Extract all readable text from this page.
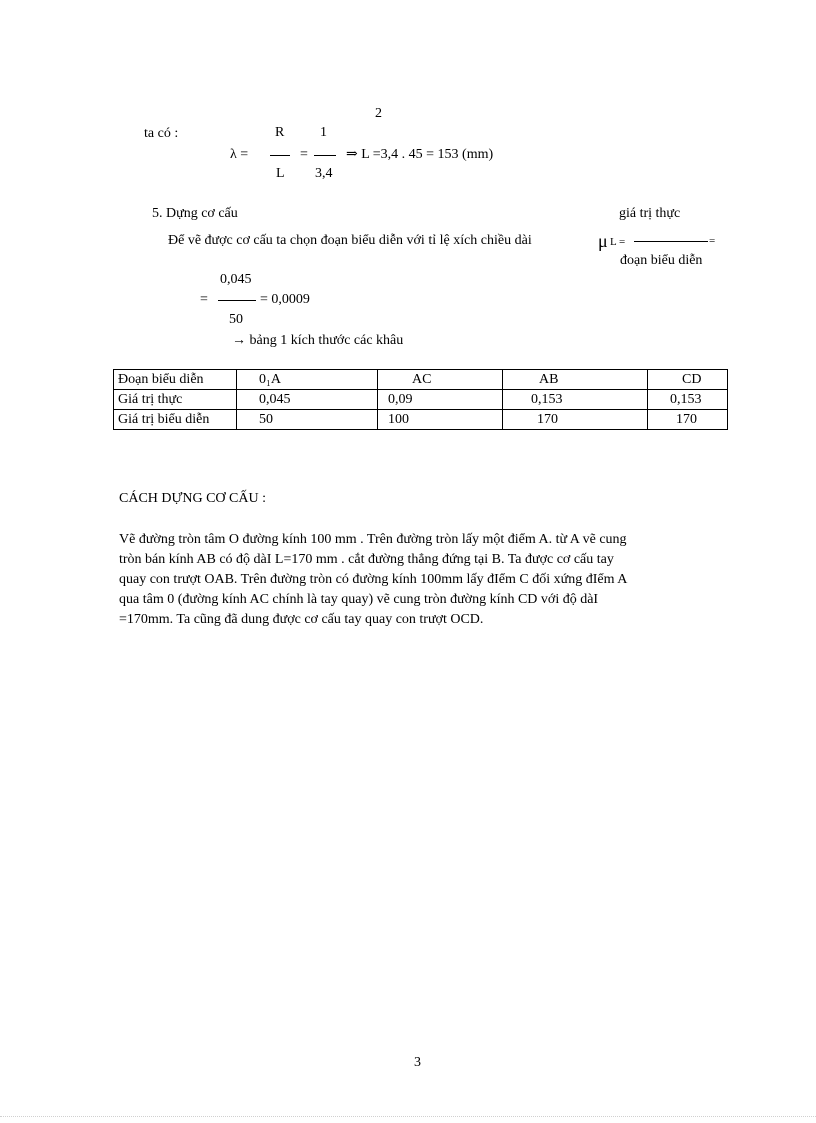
2
ta có :	R	1
λ =	=	⇒ L =3,4 . 45 = 153 (mm)
L 3,4
5. Dựng cơ cấu	giá trị thực
Để vẽ được cơ cấu ta chọn đoạn biểu diễn với tỉ lệ xích chiều dài	μ L =	=
đoạn biểu diễn
0,045
=	= 0,0009
50
→ bảng 1 kích thước các khâu
Đoạn biểu diễn	0₁A	AC	AB	CD
Giá trị thực	0,045	0,09	0,153	0,153
Giá trị biểu diễn	50	100	170	170
CÁCH DỰNG CƠ CẤU :

Vẽ đường tròn tâm O đường kính 100 mm . Trên đường tròn lấy một điểm A. từ A vẽ cung

tròn bán kính AB có độ dàI L=170 mm . cắt đường thẳng đứng tại B. Ta được cơ cấu tay

quay con trượt OAB. Trên đường tròn có đường kính 100mm lấy đIểm C đối xứng đIểm A

qua tâm 0 (đường kính AC chính là tay quay) vẽ cung tròn đường kính CD với độ dàI

=170mm. Ta cũng đã dung được cơ cấu tay quay con trượt OCD.

3
